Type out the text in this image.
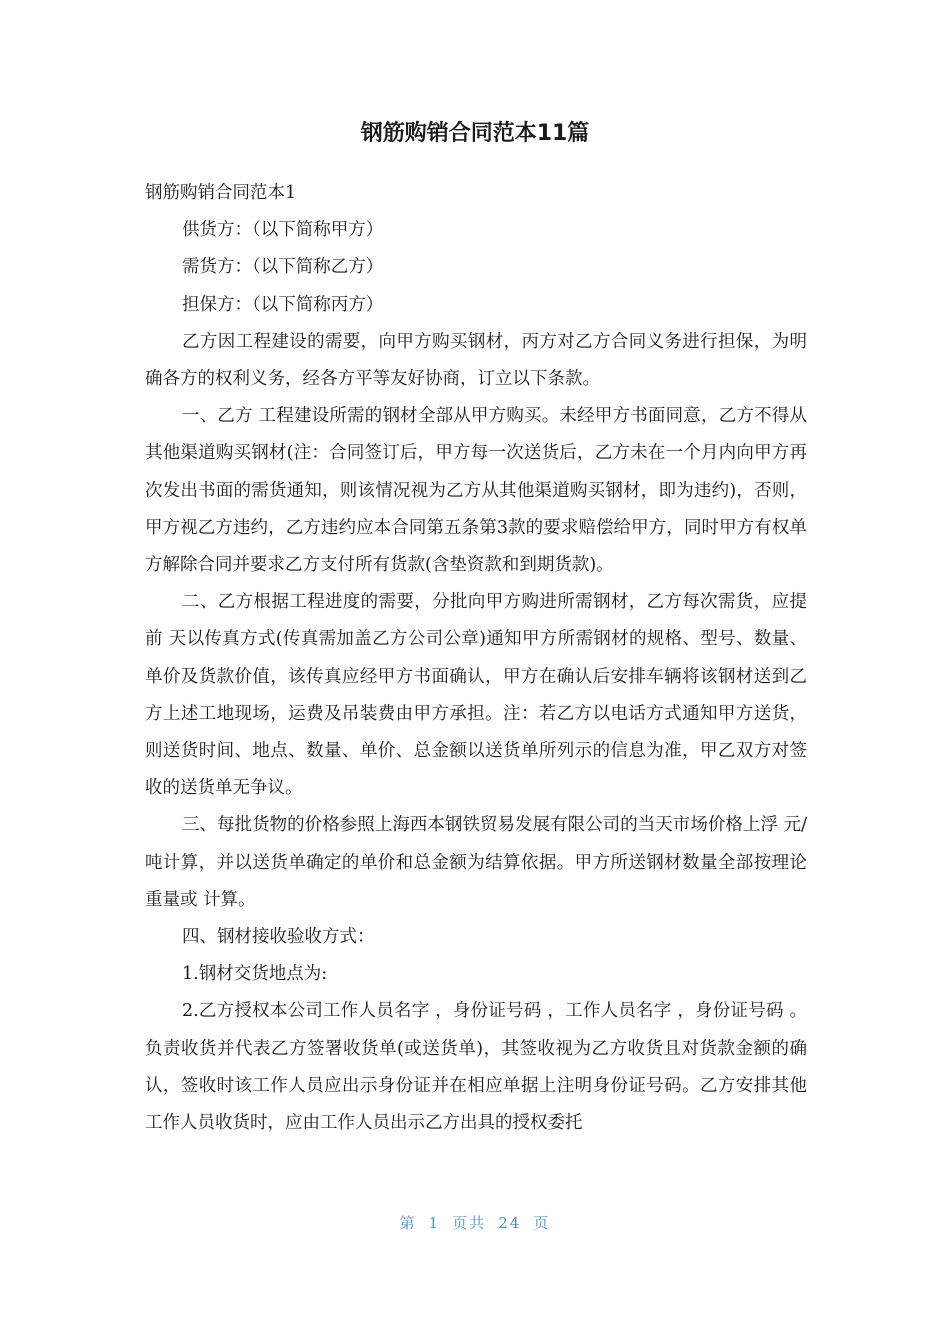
钢筋购销合同范本11篇

钢筋购销合同范本1

供货方：（以下简称甲方）

需货方：（以下简称乙方）

担保方：（以下简称丙方）

乙方因工程建设的需要，向甲方购买钢材，丙方对乙方合同义务进行担保，为明确各方的权利义务，经各方平等友好协商，订立以下条款。

一、乙方 工程建设所需的钢材全部从甲方购买。未经甲方书面同意，乙方不得从其他渠道购买钢材(注：合同签订后，甲方每一次送货后，乙方未在一个月内向甲方再次发出书面的需货通知，则该情况视为乙方从其他渠道购买钢材，即为违约)，否则，甲方视乙方违约，乙方违约应本合同第五条第3款的要求赔偿给甲方，同时甲方有权单方解除合同并要求乙方支付所有货款(含垫资款和到期货款)。

二、乙方根据工程进度的需要，分批向甲方购进所需钢材，乙方每次需货，应提前 天以传真方式(传真需加盖乙方公司公章)通知甲方所需钢材的规格、型号、数量、单价及货款价值，该传真应经甲方书面确认，甲方在确认后安排车辆将该钢材送到乙方上述工地现场，运费及吊装费由甲方承担。注：若乙方以电话方式通知甲方送货，则送货时间、地点、数量、单价、总金额以送货单所列示的信息为准，甲乙双方对签收的送货单无争议。

三、每批货物的价格参照上海西本钢铁贸易发展有限公司的当天市场价格上浮 元/吨计算，并以送货单确定的单价和总金额为结算依据。甲方所送钢材数量全部按理论重量或 计算。

四、钢材接收验收方式：

1.钢材交货地点为:

2.乙方授权本公司工作人员名字 ，身份证号码 ，工作人员名字 ，身份证号码 。负责收货并代表乙方签署收货单(或送货单)，其签收视为乙方收货且对货款金额的确认，签收时该工作人员应出示身份证并在相应单据上注明身份证号码。乙方安排其他工作人员收货时，应由工作人员出示乙方出具的授权委托

第 1 页共 24 页
